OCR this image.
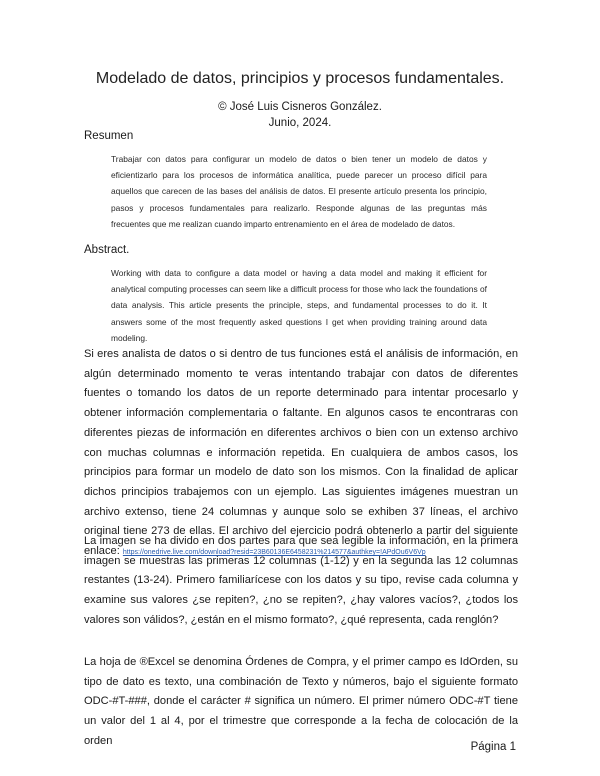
Modelado de datos, principios y procesos fundamentales.
© José Luis Cisneros González.
Junio, 2024.
Resumen
Trabajar con datos para configurar un modelo de datos o bien tener un modelo de datos y eficientizarlo para los procesos de informática analítica, puede parecer un proceso difícil para aquellos que carecen de las bases del análisis de datos. El presente artículo presenta los principio, pasos y procesos fundamentales para realizarlo. Responde algunas de las preguntas más frecuentes que me realizan cuando imparto entrenamiento en el área de modelado de datos.
Abstract.
Working with data to configure a data model or having a data model and making it efficient for analytical computing processes can seem like a difficult process for those who lack the foundations of data analysis. This article presents the principle, steps, and fundamental processes to do it. It answers some of the most frequently asked questions I get when providing training around data modeling.
Si eres analista de datos o si dentro de tus funciones está el análisis de información, en algún determinado momento te veras intentando trabajar con datos de diferentes fuentes o tomando los datos de un reporte determinado para intentar procesarlo y obtener información complementaria o faltante. En algunos casos te encontraras con diferentes piezas de información en diferentes archivos o bien con un extenso archivo con muchas columnas e información repetida. En cualquiera de ambos casos, los principios para formar un modelo de dato son los mismos. Con la finalidad de aplicar dichos principios trabajemos con un ejemplo. Las siguientes imágenes muestran un archivo extenso, tiene 24 columnas y aunque solo se exhiben 37 líneas, el archivo original tiene 273 de ellas. El archivo del ejercicio podrá obtenerlo a partir del siguiente enlace: https://onedrive.live.com/download?resid=23B60136E6458231%214577&authkey=!APdOu6V6Vp
La imagen se ha divido en dos partes para que sea legible la información, en la primera imagen se muestras las primeras 12 columnas (1-12) y en la segunda las 12 columnas restantes (13-24). Primero familiarícese con los datos y su tipo, revise cada columna y examine sus valores ¿se repiten?, ¿no se repiten?, ¿hay valores vacíos?, ¿todos los valores son válidos?, ¿están en el mismo formato?, ¿qué representa, cada renglón?
La hoja de ®Excel se denomina Órdenes de Compra, y el primer campo es IdOrden, su tipo de dato es texto, una combinación de Texto y números, bajo el siguiente formato ODC-#T-###, donde el carácter # significa un número. El primer número ODC-#T tiene un valor del 1 al 4, por el trimestre que corresponde a la fecha de colocación de la orden
Página 1
